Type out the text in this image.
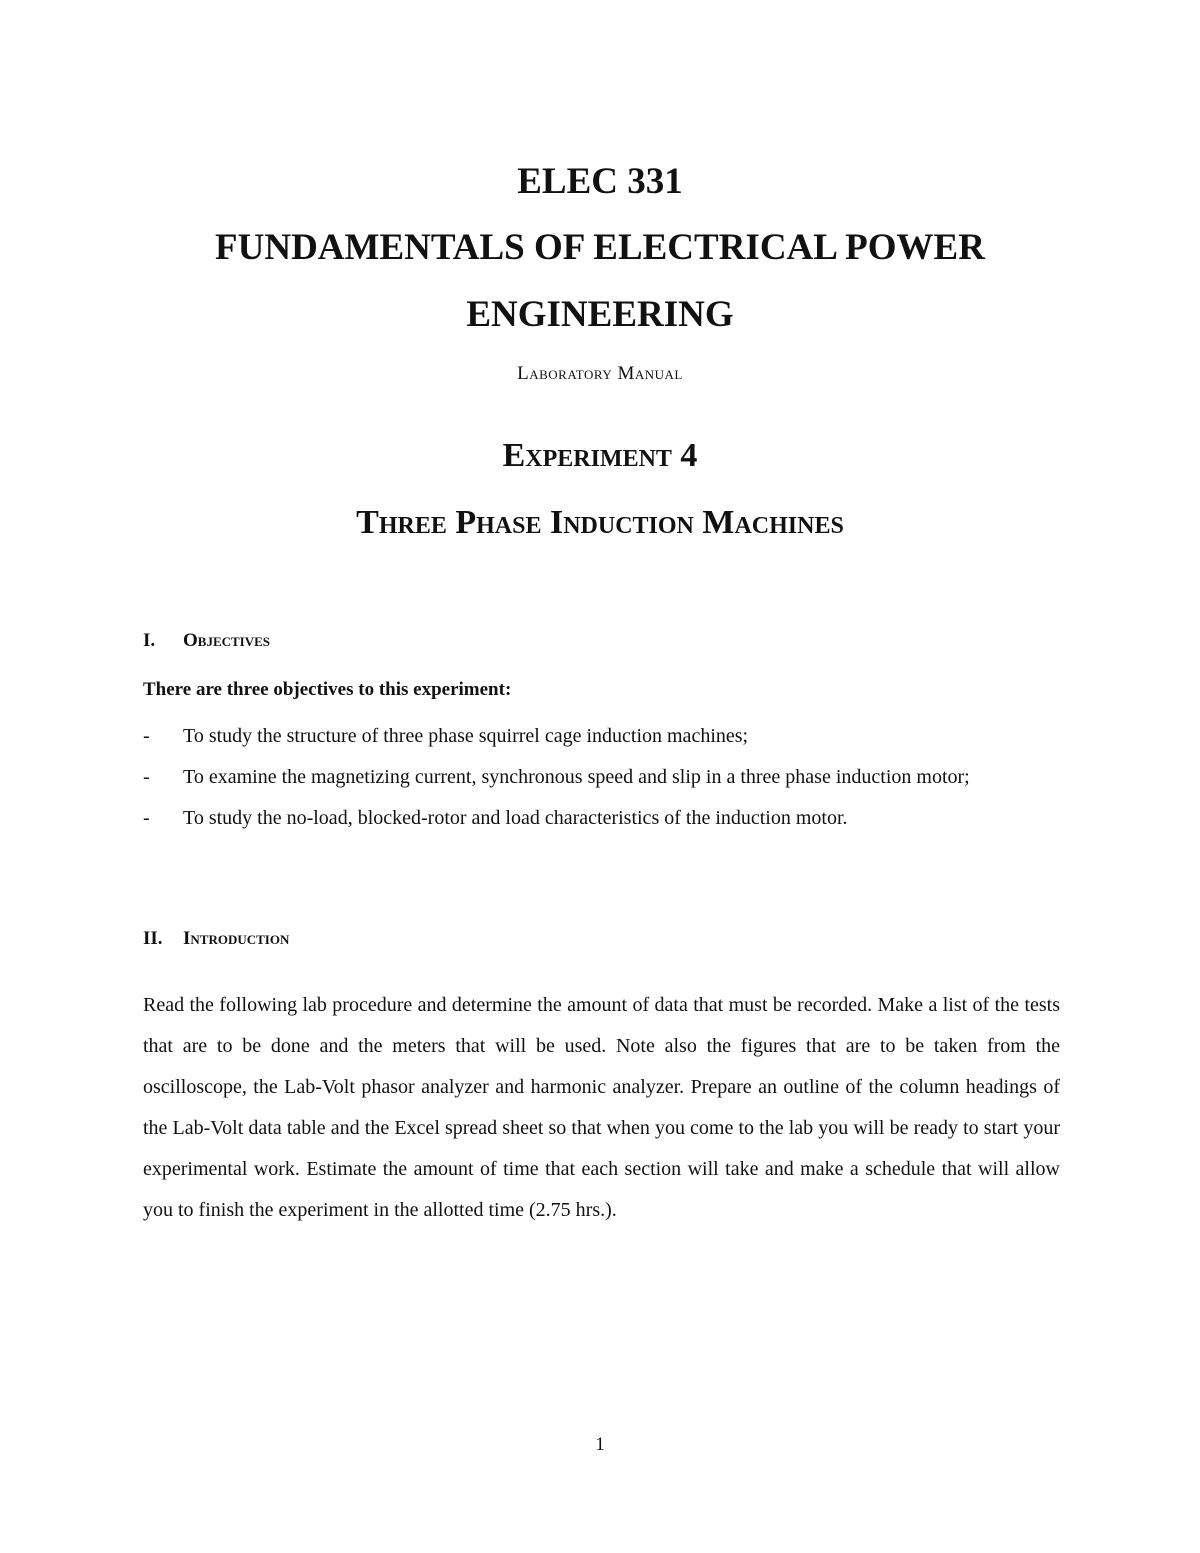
ELEC 331
FUNDAMENTALS OF ELECTRICAL POWER
ENGINEERING
Laboratory Manual
Experiment 4
Three Phase Induction Machines
I. Objectives
There are three objectives to this experiment:
- To study the structure of three phase squirrel cage induction machines;
- To examine the magnetizing current, synchronous speed and slip in a three phase induction motor;
- To study the no-load, blocked-rotor and load characteristics of the induction motor.
II. Introduction

Read the following lab procedure and determine the amount of data that must be recorded. Make a list of the tests that are to be done and the meters that will be used. Note also the figures that are to be taken from the oscilloscope, the Lab-Volt phasor analyzer and harmonic analyzer. Prepare an outline of the column headings of the Lab-Volt data table and the Excel spread sheet so that when you come to the lab you will be ready to start your experimental work. Estimate the amount of time that each section will take and make a schedule that will allow you to finish the experiment in the allotted time (2.75 hrs.).

1
